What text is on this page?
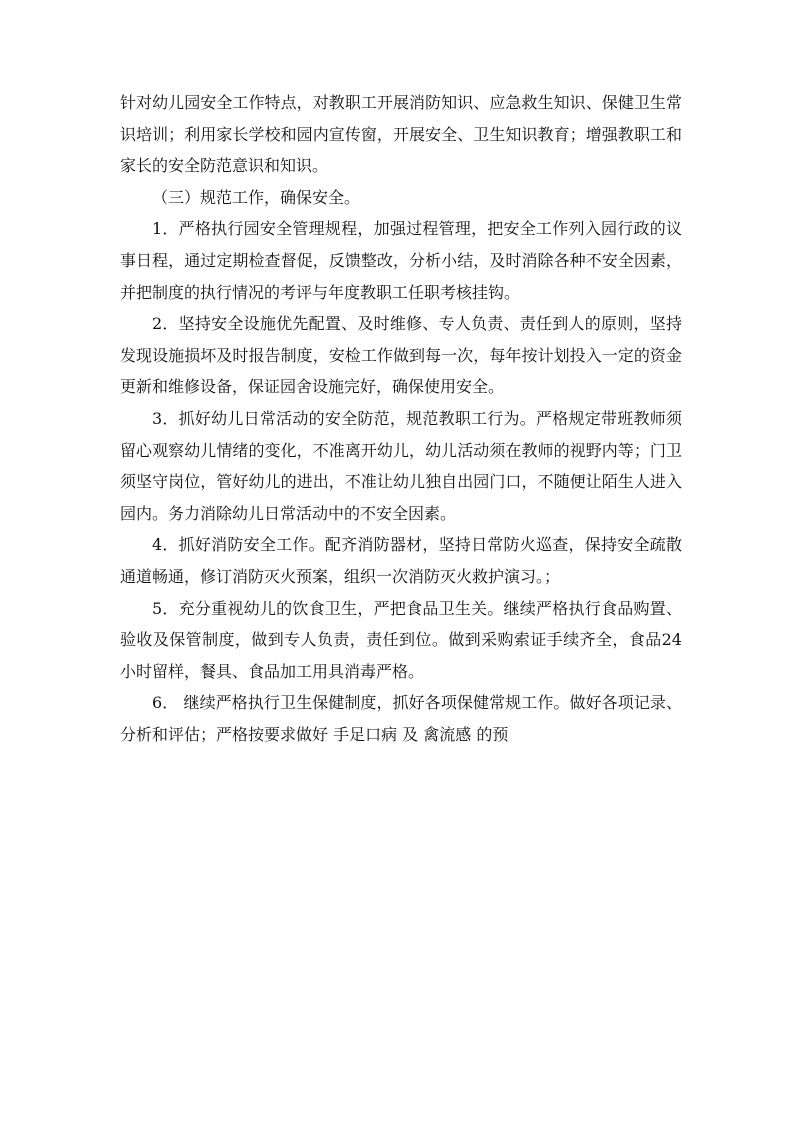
针对幼儿园安全工作特点，对教职工开展消防知识、应急救生知识、保健卫生常识培训；利用家长学校和园内宣传窗，开展安全、卫生知识教育；增强教职工和家长的安全防范意识和知识。

（三）规范工作，确保安全。

1．严格执行园安全管理规程，加强过程管理，把安全工作列入园行政的议事日程，通过定期检查督促，反馈整改，分析小结，及时消除各种不安全因素，并把制度的执行情况的考评与年度教职工任职考核挂钩。

2．坚持安全设施优先配置、及时维修、专人负责、责任到人的原则，坚持发现设施损坏及时报告制度，安检工作做到每一次，每年按计划投入一定的资金更新和维修设备，保证园舍设施完好，确保使用安全。

3．抓好幼儿日常活动的安全防范，规范教职工行为。严格规定带班教师须留心观察幼儿情绪的变化，不准离开幼儿，幼儿活动须在教师的视野内等；门卫须坚守岗位，管好幼儿的进出，不准让幼儿独自出园门口，不随便让陌生人进入园内。务力消除幼儿日常活动中的不安全因素。

4．抓好消防安全工作。配齐消防器材，坚持日常防火巡查，保持安全疏散通道畅通，修订消防灭火预案，组织一次消防灭火救护演习。；

5．充分重视幼儿的饮食卫生，严把食品卫生关。继续严格执行食品购置、验收及保管制度，做到专人负责，责任到位。做到采购索证手续齐全，食品24小时留样，餐具、食品加工用具消毒严格。

6． 继续严格执行卫生保健制度，抓好各项保健常规工作。做好各项记录、分析和评估；严格按要求做好 手足口病 及 禽流感 的预
